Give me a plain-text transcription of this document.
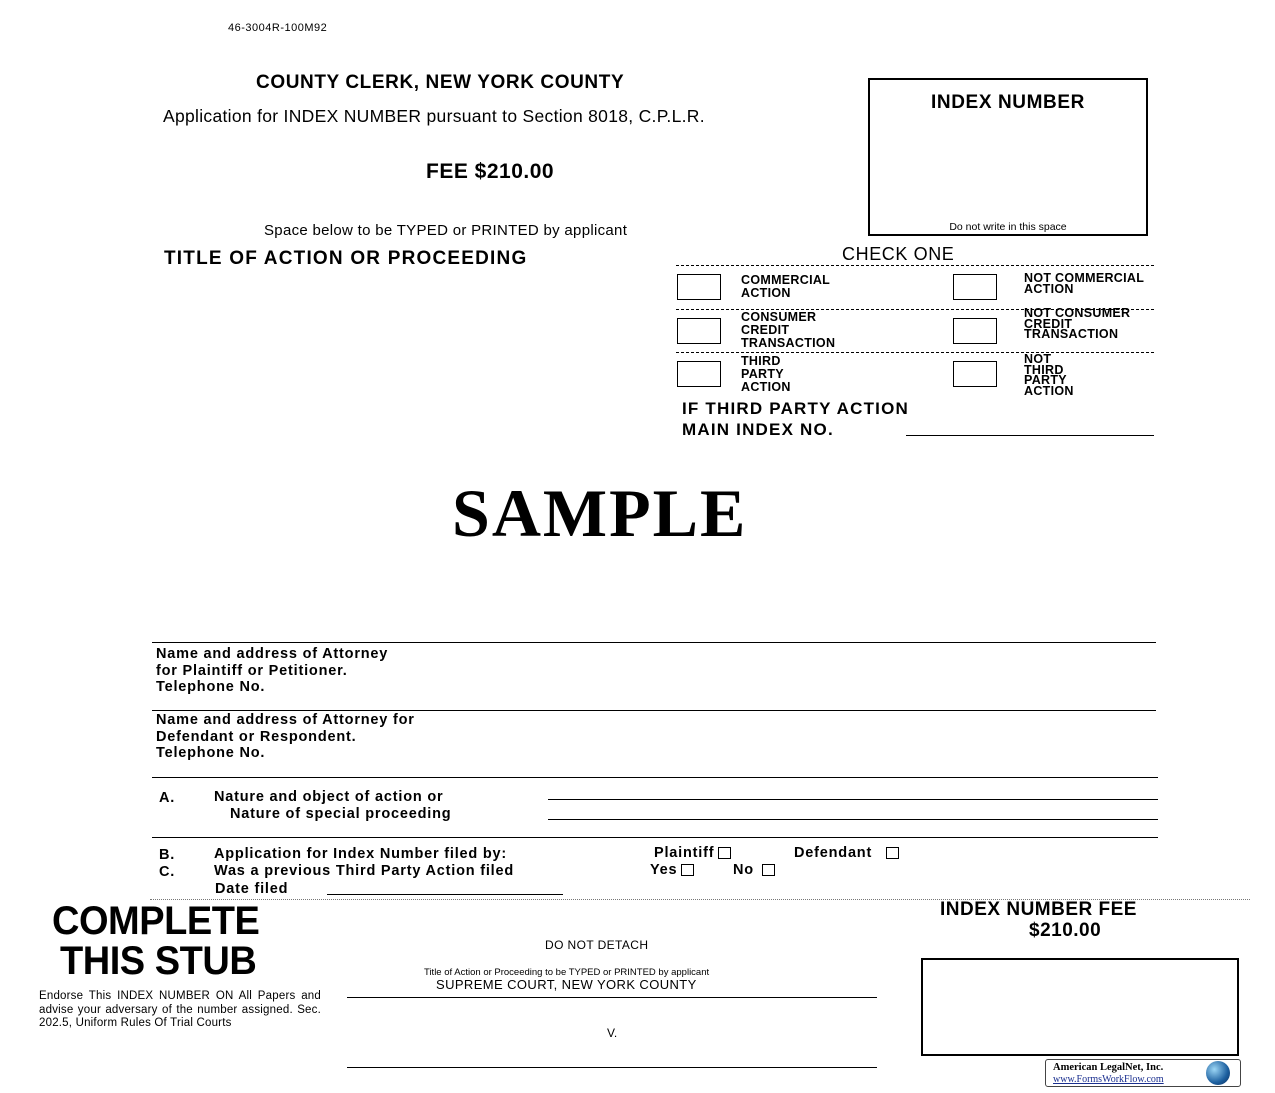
46-3004R-100M92
COUNTY CLERK, NEW YORK COUNTY
Application for INDEX NUMBER pursuant to Section 8018, C.P.L.R.
FEE $210.00
Space below to be TYPED or PRINTED by applicant
TITLE OF ACTION OR PROCEEDING
INDEX NUMBER
Do not write in this space
CHECK ONE
COMMERCIAL ACTION
NOT COMMERCIAL ACTION
CONSUMER CREDIT TRANSACTION
NOT CONSUMER CREDIT TRANSACTION
THIRD PARTY ACTION
NOT THIRD PARTY ACTION
IF THIRD PARTY ACTION
MAIN INDEX NO.
SAMPLE
Name and address of Attorney for Plaintiff or Petitioner. Telephone No.
Name and address of Attorney for Defendant or Respondent. Telephone No.
A.	Nature and object of action or
Nature of special proceeding
B.	Application for Index Number filed by:	Plaintiff	Defendant
C.	Was a previous Third Party Action filed	Yes	No
Date filed
COMPLETE
THIS STUB
Endorse This INDEX NUMBER ON All Papers and advise your adversary of the number assigned. Sec. 202.5, Uniform Rules Of Trial Courts
DO NOT DETACH
Title of Action or Proceeding to be TYPED or PRINTED by applicant
SUPREME COURT, NEW YORK COUNTY
V.
INDEX NUMBER FEE
$210.00
American LegalNet, Inc.
www.FormsWorkFlow.com
